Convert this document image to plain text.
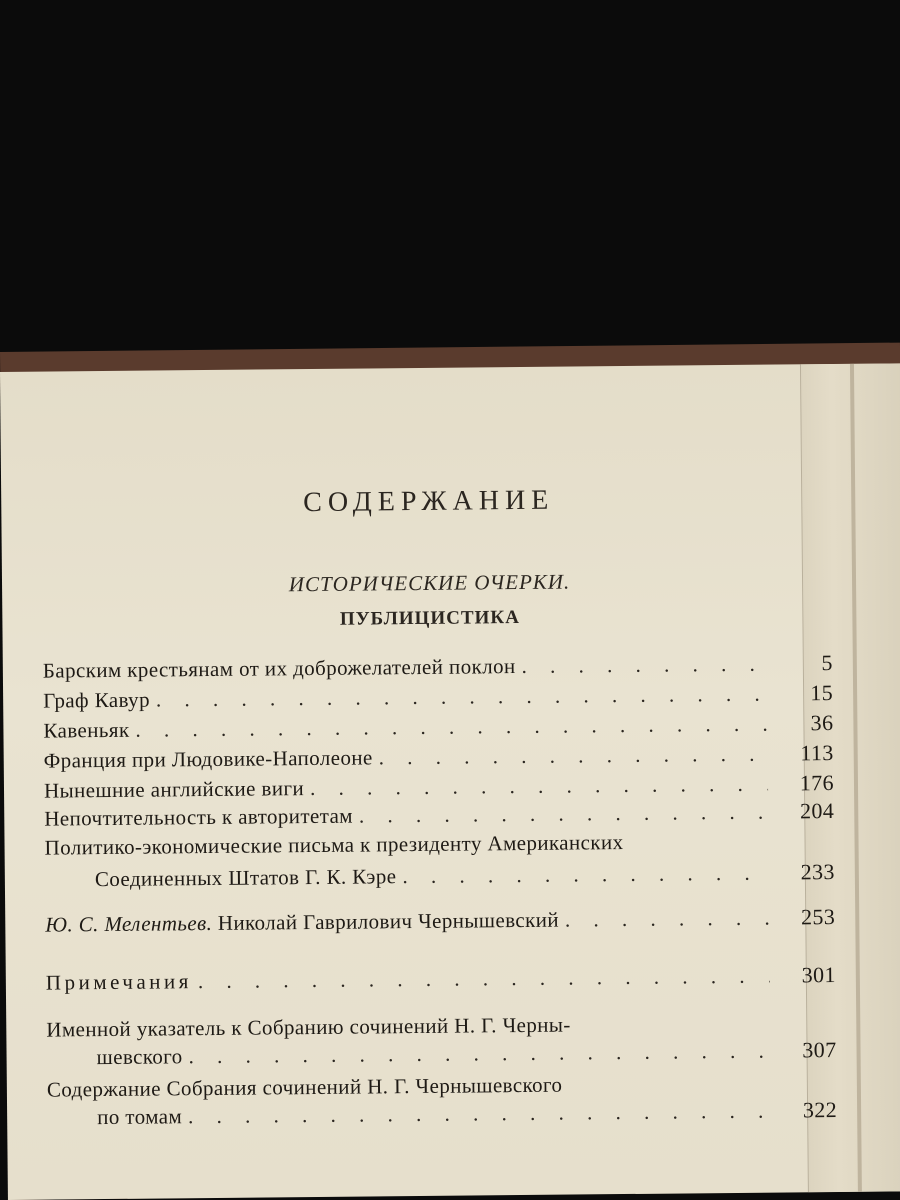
СОДЕРЖАНИЕ
ИСТОРИЧЕСКИЕ ОЧЕРКИ.
ПУБЛИЦИСТИКА
Барским крестьянам от их доброжелателей поклон . . .	5
Граф Кавур . . .	15
Кавеньяк . . .	36
Франция при Людовике-Наполеоне . . .	113
Нынешние английские виги . . .	176
Непочтительность к авторитетам . . .	204
Политико-экономические письма к президенту Американских
Соединенных Штатов Г. К. Кэре . . .	233
Ю. С. Мелентьев. Николай Гаврилович Чернышевский . . .	253
Примечания . . .	301
Именной указатель к Собранию сочинений Н. Г. Черны-
шевского . . .	307
Содержание Собрания сочинений Н. Г. Чернышевского
по томам . . .	322
